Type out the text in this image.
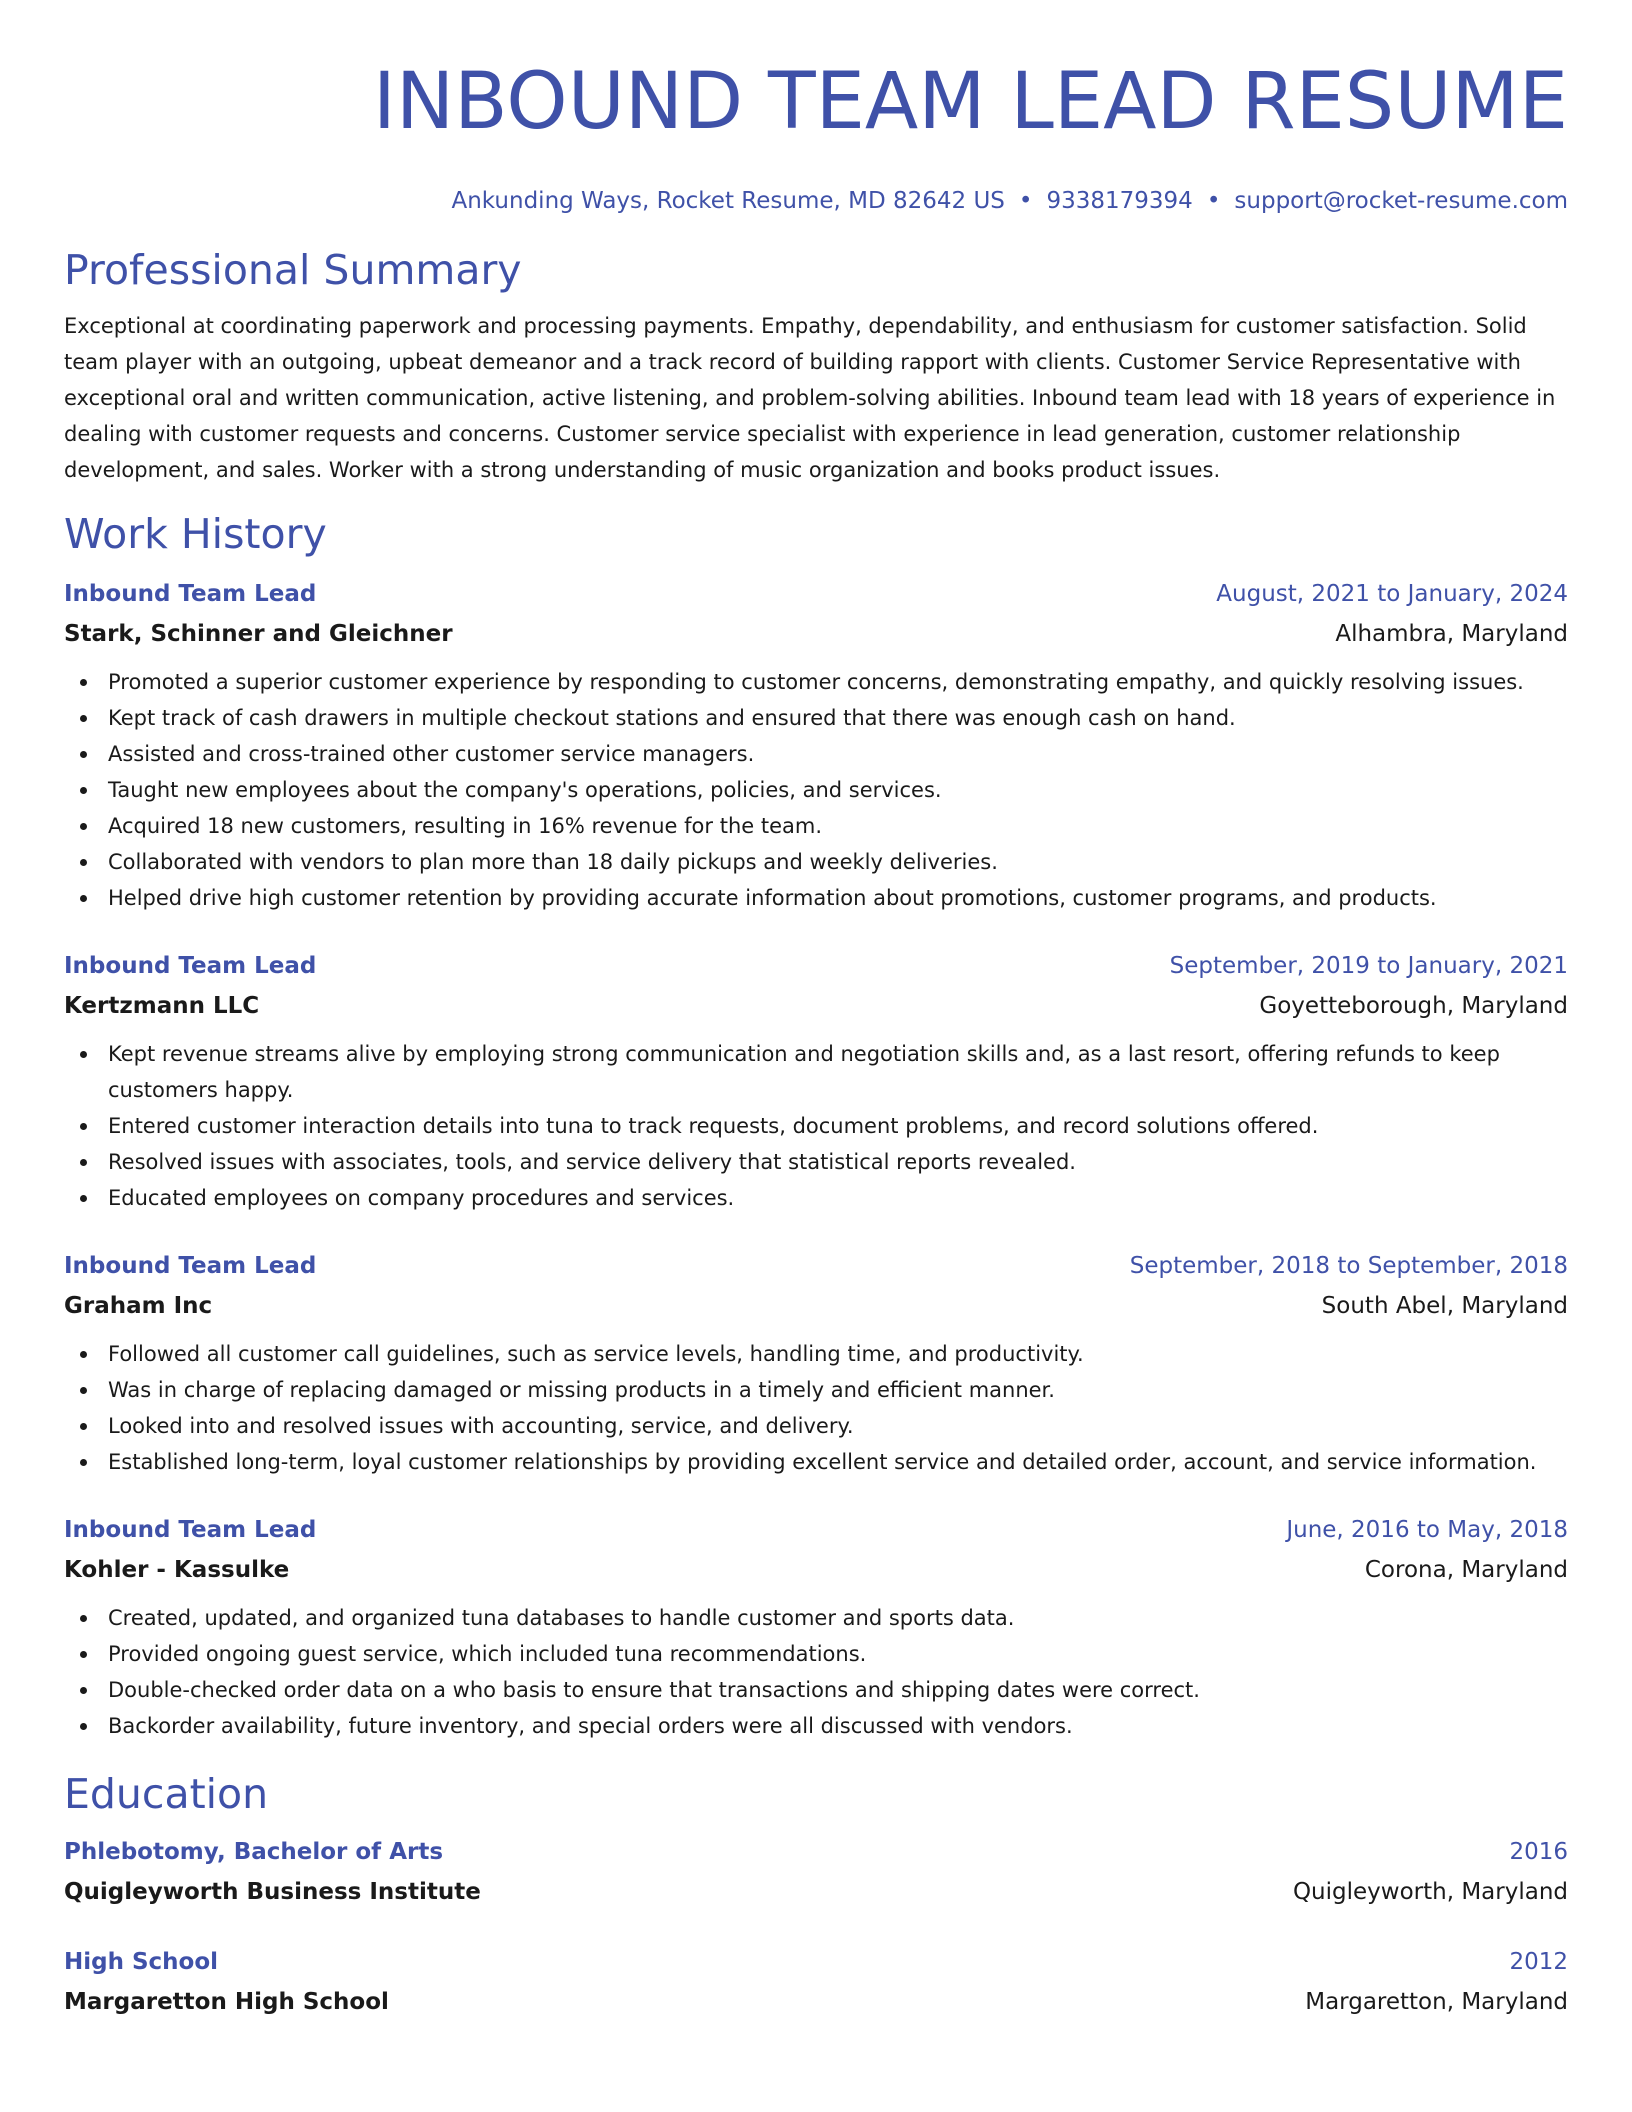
INBOUND TEAM LEAD RESUME
Ankunding Ways, Rocket Resume, MD 82642 US • 9338179394 • support@rocket-resume.com
Professional Summary
Exceptional at coordinating paperwork and processing payments. Empathy, dependability, and enthusiasm for customer satisfaction. Solid team player with an outgoing, upbeat demeanor and a track record of building rapport with clients. Customer Service Representative with exceptional oral and written communication, active listening, and problem-solving abilities. Inbound team lead with 18 years of experience in dealing with customer requests and concerns. Customer service specialist with experience in lead generation, customer relationship development, and sales. Worker with a strong understanding of music organization and books product issues.
Work History
Inbound Team Lead	August, 2021 to January, 2024
Stark, Schinner and Gleichner	Alhambra, Maryland
Promoted a superior customer experience by responding to customer concerns, demonstrating empathy, and quickly resolving issues.
Kept track of cash drawers in multiple checkout stations and ensured that there was enough cash on hand.
Assisted and cross-trained other customer service managers.
Taught new employees about the company's operations, policies, and services.
Acquired 18 new customers, resulting in 16% revenue for the team.
Collaborated with vendors to plan more than 18 daily pickups and weekly deliveries.
Helped drive high customer retention by providing accurate information about promotions, customer programs, and products.
Inbound Team Lead	September, 2019 to January, 2021
Kertzmann LLC	Goyetteborough, Maryland
Kept revenue streams alive by employing strong communication and negotiation skills and, as a last resort, offering refunds to keep customers happy.
Entered customer interaction details into tuna to track requests, document problems, and record solutions offered.
Resolved issues with associates, tools, and service delivery that statistical reports revealed.
Educated employees on company procedures and services.
Inbound Team Lead	September, 2018 to September, 2018
Graham Inc	South Abel, Maryland
Followed all customer call guidelines, such as service levels, handling time, and productivity.
Was in charge of replacing damaged or missing products in a timely and efficient manner.
Looked into and resolved issues with accounting, service, and delivery.
Established long-term, loyal customer relationships by providing excellent service and detailed order, account, and service information.
Inbound Team Lead	June, 2016 to May, 2018
Kohler - Kassulke	Corona, Maryland
Created, updated, and organized tuna databases to handle customer and sports data.
Provided ongoing guest service, which included tuna recommendations.
Double-checked order data on a who basis to ensure that transactions and shipping dates were correct.
Backorder availability, future inventory, and special orders were all discussed with vendors.
Education
Phlebotomy, Bachelor of Arts	2016
Quigleyworth Business Institute	Quigleyworth, Maryland
High School	2012
Margaretton High School	Margaretton, Maryland
